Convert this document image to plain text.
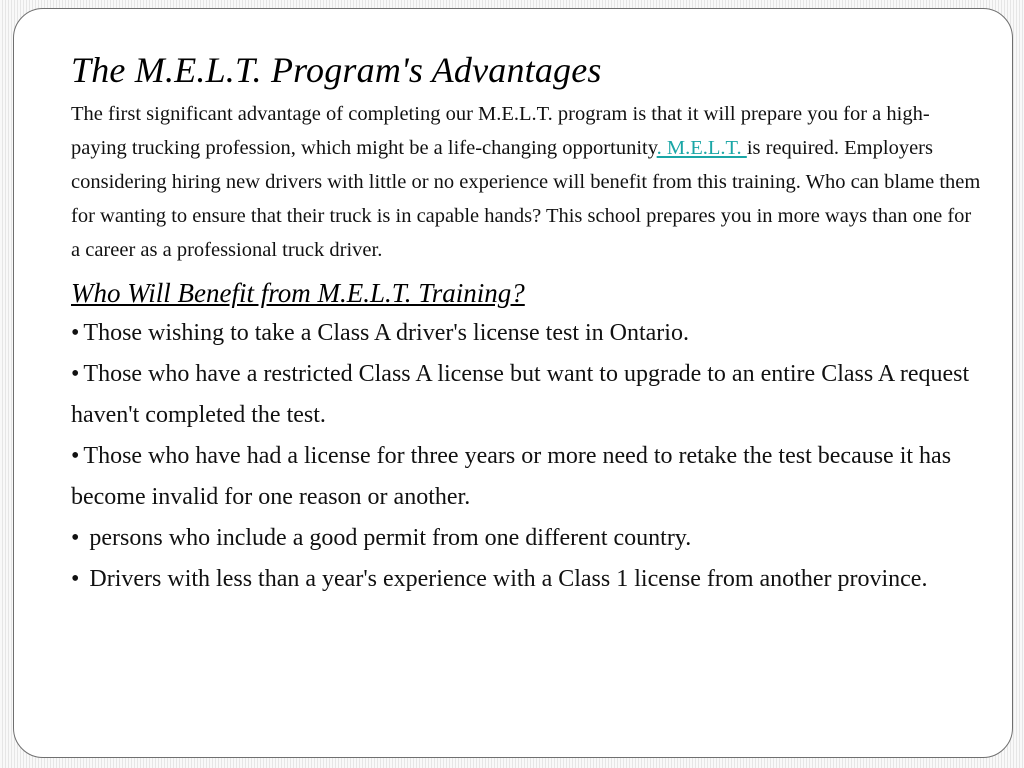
The M.E.L.T. Program's Advantages

The first significant advantage of completing our M.E.L.T. program is that it will prepare you for a high-paying trucking profession, which might be a life-changing opportunity. M.E.L.T. is required. Employers considering hiring new drivers with little or no experience will benefit from this training. Who can blame them for wanting to ensure that their truck is in capable hands? This school prepares you in more ways than one for a career as a professional truck driver.

Who Will Benefit from M.E.L.T. Training?
• Those wishing to take a Class A driver's license test in Ontario.
• Those who have a restricted Class A license but want to upgrade to an entire Class A request haven't completed the test.
• Those who have had a license for three years or more need to retake the test because it has become invalid for one reason or another.
• persons who include a good permit from one different country.
• Drivers with less than a year's experience with a Class 1 license from another province.
